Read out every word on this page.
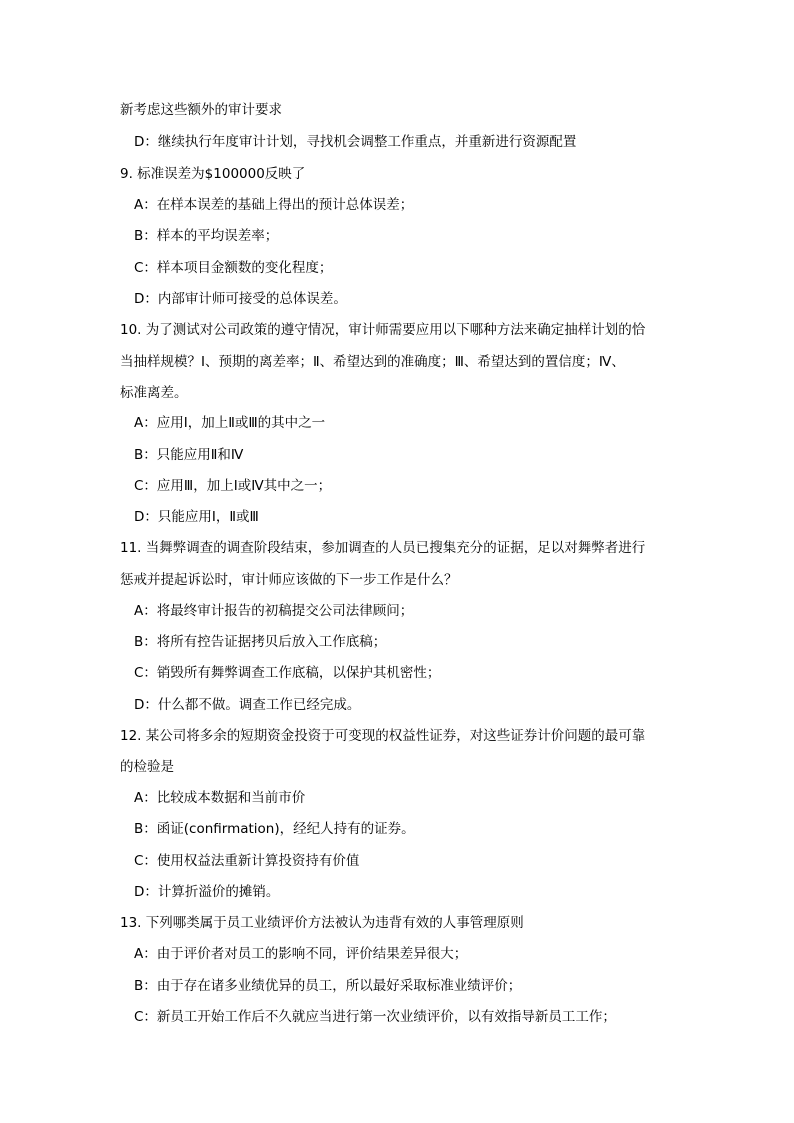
新考虑这些额外的审计要求
D：继续执行年度审计计划，寻找机会调整工作重点，并重新进行资源配置
9. 标准误差为$100000反映了
A：在样本误差的基础上得出的预计总体误差；
B：样本的平均误差率；
C：样本项目金额数的变化程度；
D：内部审计师可接受的总体误差。
10. 为了测试对公司政策的遵守情况，审计师需要应用以下哪种方法来确定抽样计划的恰
当抽样规模？Ⅰ、预期的离差率；Ⅱ、希望达到的准确度；Ⅲ、希望达到的置信度；Ⅳ、
标准离差。
A：应用Ⅰ，加上Ⅱ或Ⅲ的其中之一
B：只能应用Ⅱ和Ⅳ
C：应用Ⅲ，加上Ⅰ或Ⅳ其中之一；
D：只能应用Ⅰ，Ⅱ或Ⅲ
11. 当舞弊调查的调查阶段结束，参加调查的人员已搜集充分的证据，足以对舞弊者进行
惩戒并提起诉讼时，审计师应该做的下一步工作是什么？
A：将最终审计报告的初稿提交公司法律顾问；
B：将所有控告证据拷贝后放入工作底稿；
C：销毁所有舞弊调查工作底稿，以保护其机密性；
D：什么都不做。调查工作已经完成。
12. 某公司将多余的短期资金投资于可变现的权益性证券，对这些证券计价问题的最可靠
的检验是
A：比较成本数据和当前市价
B：函证(confirmation)，经纪人持有的证券。
C：使用权益法重新计算投资持有价值
D：计算折溢价的摊销。
13. 下列哪类属于员工业绩评价方法被认为违背有效的人事管理原则
A：由于评价者对员工的影响不同，评价结果差异很大；
B：由于存在诸多业绩优异的员工，所以最好采取标准业绩评价；
C：新员工开始工作后不久就应当进行第一次业绩评价，以有效指导新员工工作；
